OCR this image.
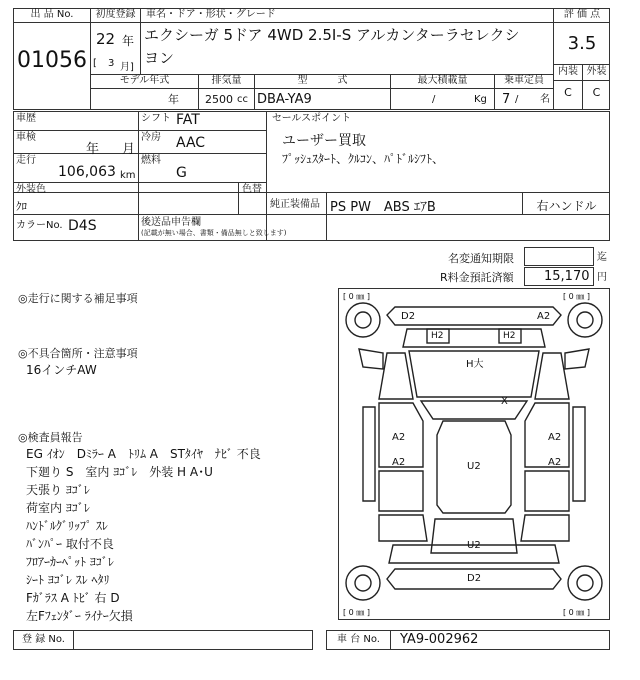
出 品 No.
01056
初度登録
22 年
[ 3 月]
車名・ドア・形状・グレード
エクシーガ 5ドア 4WD 2.5I-S アルカンターラセレクシ
ヨン
評 価 点
3.5
内装 外装
C	C
モデル年式
年
排気量
2500 cc
型　　　式
DBA-YA9
最大積載量
/	Kg
乗車定員
7 / 名
車歴	シフト FAT
車検
年 月
冷房 AAC
走行
106,063 km
燃料
G
外装色
ｸﾛ
色替
カラーNo. D4S	後送品申告欄
(記載が無い場合、書類・備品無しと致します)
セールスポイント
ユーザー買取
ﾌﾟｯｼｭｽﾀｰﾄ、ｸﾙｺﾝ、ﾊﾟﾄﾞﾙｼﾌﾄ、
純正装備品 PS PW　ABS ｴｱB	右ハンドル
名変通知期限	迄
R料金預託済額 15,170 円
◎走行に関する補足事項
◎不具合箇所・注意事項
16インチAW
◎検査員報告
EG ｲｵﾝ　Dﾐﾗｰ A　ﾄﾘﾑ A　STﾀｲﾔ　ﾅﾋﾞ 不良
下廻り S　室内 ﾖｺﾞﾚ　外装 H A･U
天張り ﾖｺﾞﾚ
荷室内 ﾖｺﾞﾚ
ﾊﾝﾄﾞﾙｸﾞﾘｯﾌﾟ ｽﾚ
ﾊﾞﾝﾊﾟｰ 取付不良
ﾌﾛｱｰｶｰﾍﾟｯﾄ ﾖｺﾞﾚ
ｼｰﾄ ﾖｺﾞﾚ ｽﾚ ﾍﾀﾘ
Fｶﾞﾗｽ A ﾄﾋﾞ 右 D
左Fﾌｪﾝﾀﾞｰ ﾗｲﾅｰ欠損
[ 0 ㎜ ]	[ 0 ㎜ ]
[ 0 ㎜ ]	[ 0 ㎜ ]
D2	A2
H2	H2
H大
X
A2	A2
A2	A2
U2
U2
D2
登 録 No.	車 台 No.	YA9-002962
